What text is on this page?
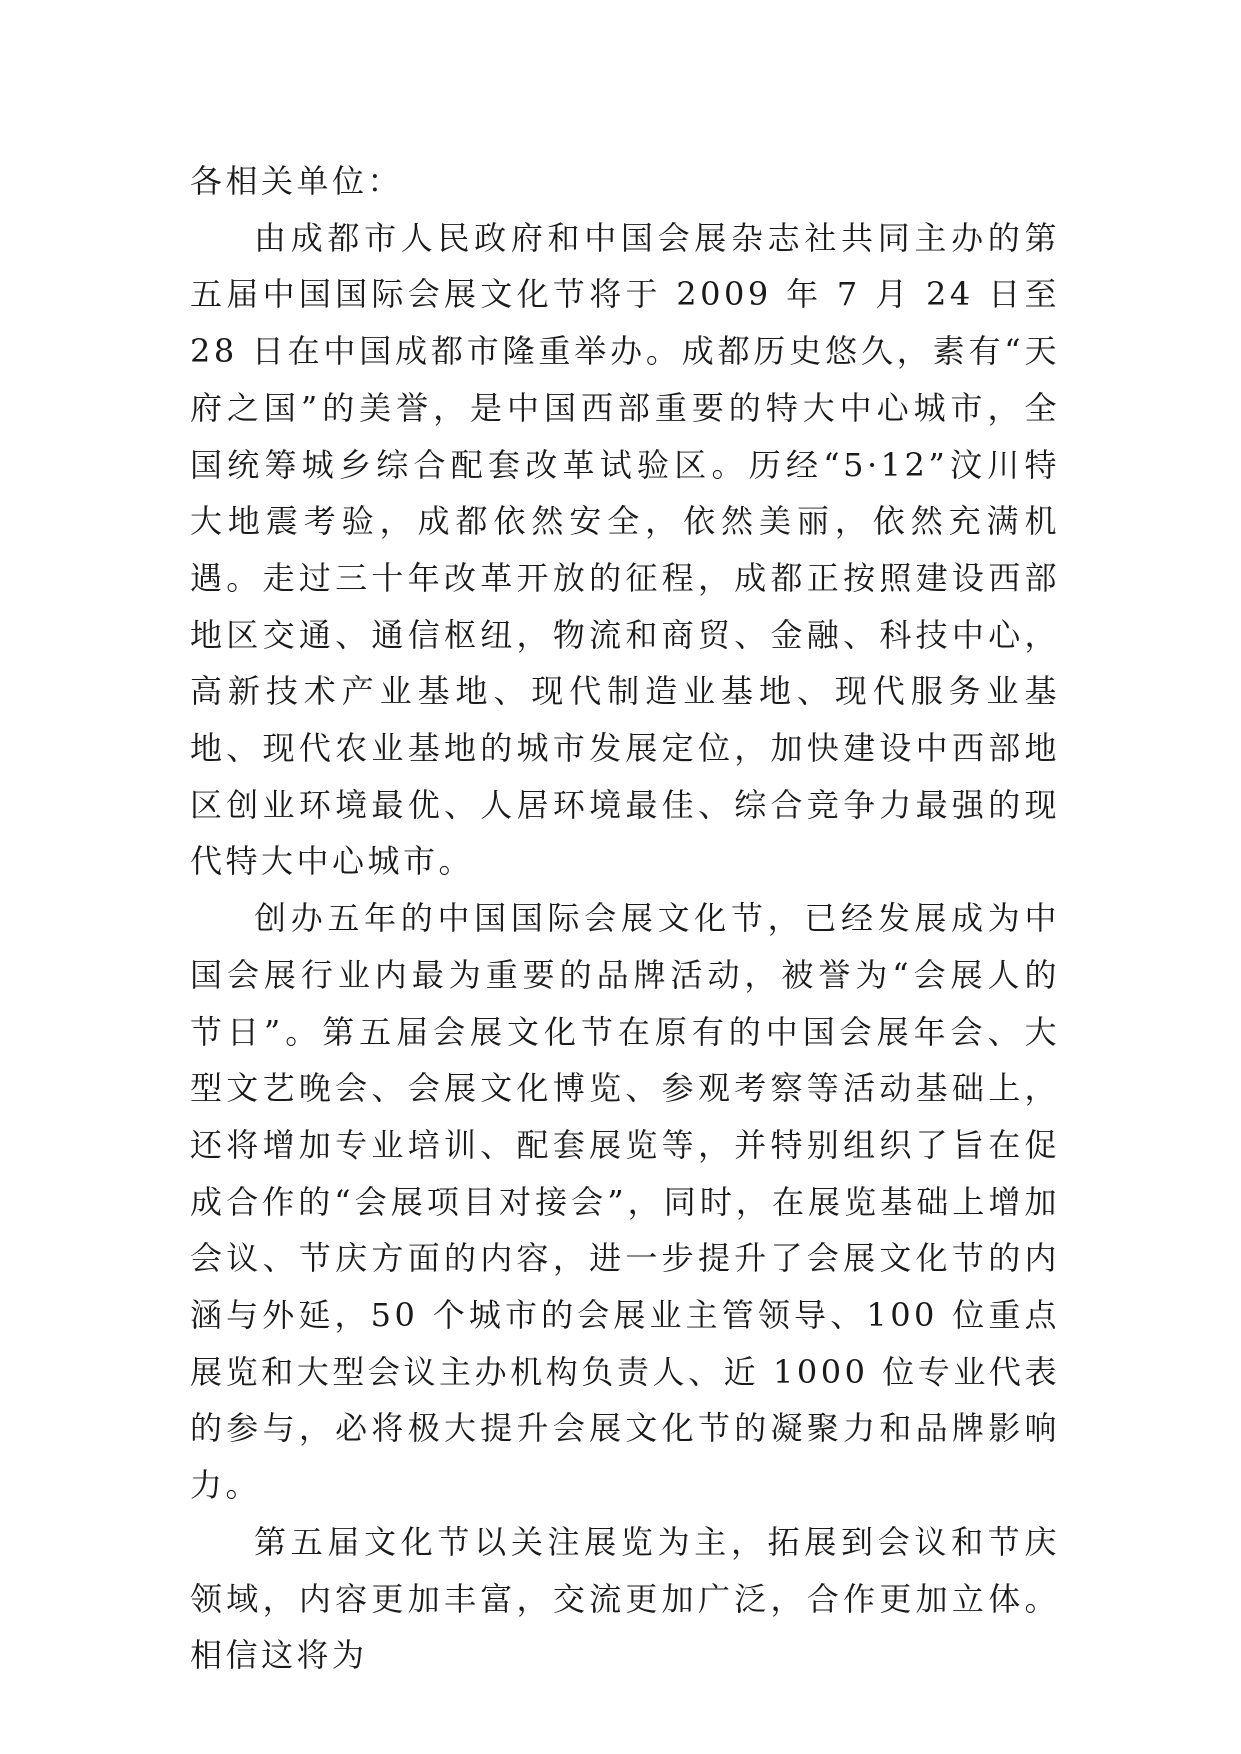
各相关单位：

由成都市人民政府和中国会展杂志社共同主办的第五届中国国际会展文化节将于 2009 年 7 月 24 日至 28 日在中国成都市隆重举办。成都历史悠久，素有“天府之国”的美誉，是中国西部重要的特大中心城市，全国统筹城乡综合配套改革试验区。历经“5·12”汶川特大地震考验，成都依然安全，依然美丽，依然充满机遇。走过三十年改革开放的征程，成都正按照建设西部地区交通、通信枢纽，物流和商贸、金融、科技中心，高新技术产业基地、现代制造业基地、现代服务业基地、现代农业基地的城市发展定位，加快建设中西部地区创业环境最优、人居环境最佳、综合竞争力最强的现代特大中心城市。

创办五年的中国国际会展文化节，已经发展成为中国会展行业内最为重要的品牌活动，被誉为“会展人的节日”。第五届会展文化节在原有的中国会展年会、大型文艺晚会、会展文化博览、参观考察等活动基础上，还将增加专业培训、配套展览等，并特别组织了旨在促成合作的“会展项目对接会”，同时，在展览基础上增加会议、节庆方面的内容，进一步提升了会展文化节的内涵与外延，50 个城市的会展业主管领导、100 位重点展览和大型会议主办机构负责人、近 1000 位专业代表的参与，必将极大提升会展文化节的凝聚力和品牌影响力。

第五届文化节以关注展览为主，拓展到会议和节庆领域，内容更加丰富，交流更加广泛，合作更加立体。相信这将为
